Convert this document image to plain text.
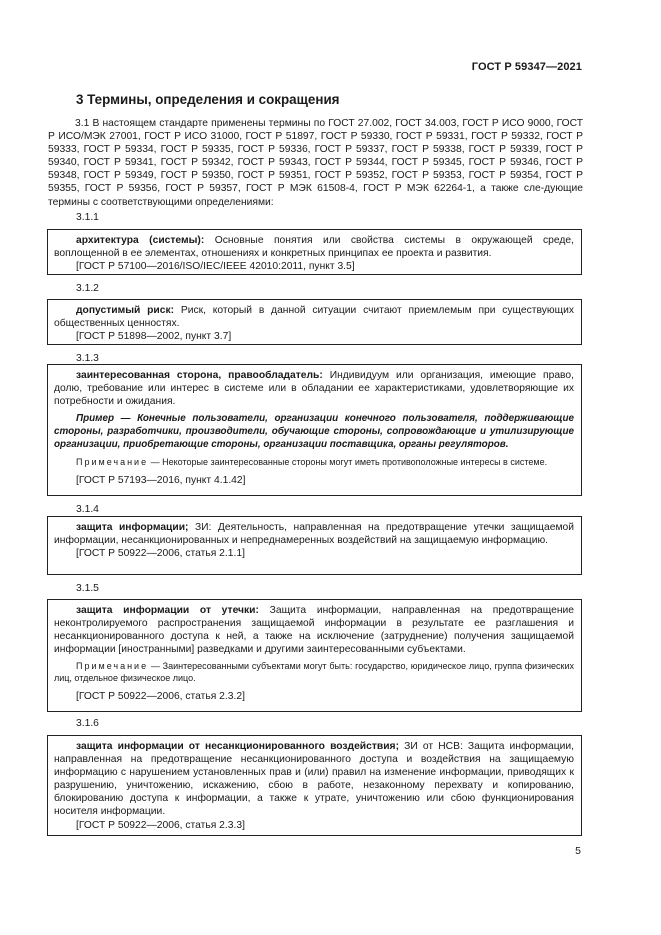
ГОСТ Р 59347—2021
3 Термины, определения и сокращения

3.1 В настоящем стандарте применены термины по ГОСТ 27.002, ГОСТ 34.003, ГОСТ Р ИСО 9000, ГОСТ Р ИСО/МЭК 27001, ГОСТ Р ИСО 31000, ГОСТ Р 51897, ГОСТ Р 59330, ГОСТ Р 59331, ГОСТ Р 59332, ГОСТ Р 59333, ГОСТ Р 59334, ГОСТ Р 59335, ГОСТ Р 59336, ГОСТ Р 59337, ГОСТ Р 59338, ГОСТ Р 59339, ГОСТ Р 59340, ГОСТ Р 59341, ГОСТ Р 59342, ГОСТ Р 59343, ГОСТ Р 59344, ГОСТ Р 59345, ГОСТ Р 59346, ГОСТ Р 59348, ГОСТ Р 59349, ГОСТ Р 59350, ГОСТ Р 59351, ГОСТ Р 59352, ГОСТ Р 59353, ГОСТ Р 59354, ГОСТ Р 59355, ГОСТ Р 59356, ГОСТ Р 59357, ГОСТ Р МЭК 61508-4, ГОСТ Р МЭК 62264-1, а также сле-дующие термины с соответствующими определениями:

3.1.1

архитектура (системы): Основные понятия или свойства системы в окружающей среде, воплощенной в ее элементах, отношениях и конкретных принципах ее проекта и развития.

[ГОСТ Р 57100—2016/ISO/IEC/IEEE 42010:2011, пункт 3.5]

3.1.2

допустимый риск: Риск, который в данной ситуации считают приемлемым при существующих общественных ценностях.

[ГОСТ Р 51898—2002, пункт 3.7]

3.1.3

заинтересованная сторона, правообладатель: Индивидуум или организация, имеющие право, долю, требование или интерес в системе или в обладании ее характеристиками, удовлетворяющие их потребности и ожидания.

Пример — Конечные пользователи, организации конечного пользователя, поддерживающие стороны, разработчики, производители, обучающие стороны, сопровождающие и утилизирующие организации, приобретающие стороны, организации поставщика, органы регуляторов.

Примечание — Некоторые заинтересованные стороны могут иметь противоположные интересы в системе.

[ГОСТ Р 57193—2016, пункт 4.1.42]

3.1.4

защита информации; ЗИ: Деятельность, направленная на предотвращение утечки защищаемой информации, несанкционированных и непреднамеренных воздействий на защищаемую информацию.

[ГОСТ Р 50922—2006, статья 2.1.1]

3.1.5

защита информации от утечки: Защита информации, направленная на предотвращение неконтролируемого распространения защищаемой информации в результате ее разглашения и несанкционированного доступа к ней, а также на исключение (затруднение) получения защищаемой информации [иностранными] разведками и другими заинтересованными субъектами.

Примечание — Заинтересованными субъектами могут быть: государство, юридическое лицо, группа физических лиц, отдельное физическое лицо.

[ГОСТ Р 50922—2006, статья 2.3.2]

3.1.6

защита информации от несанкционированного воздействия; ЗИ от НСВ: Защита информации, направленная на предотвращение несанкционированного доступа и воздействия на защищаемую информацию с нарушением установленных прав и (или) правил на изменение информации, приводящих к разрушению, уничтожению, искажению, сбою в работе, незаконному перехвату и копированию, блокированию доступа к информации, а также к утрате, уничтожению или сбою функционирования носителя информации.

[ГОСТ Р 50922—2006, статья 2.3.3]

5
